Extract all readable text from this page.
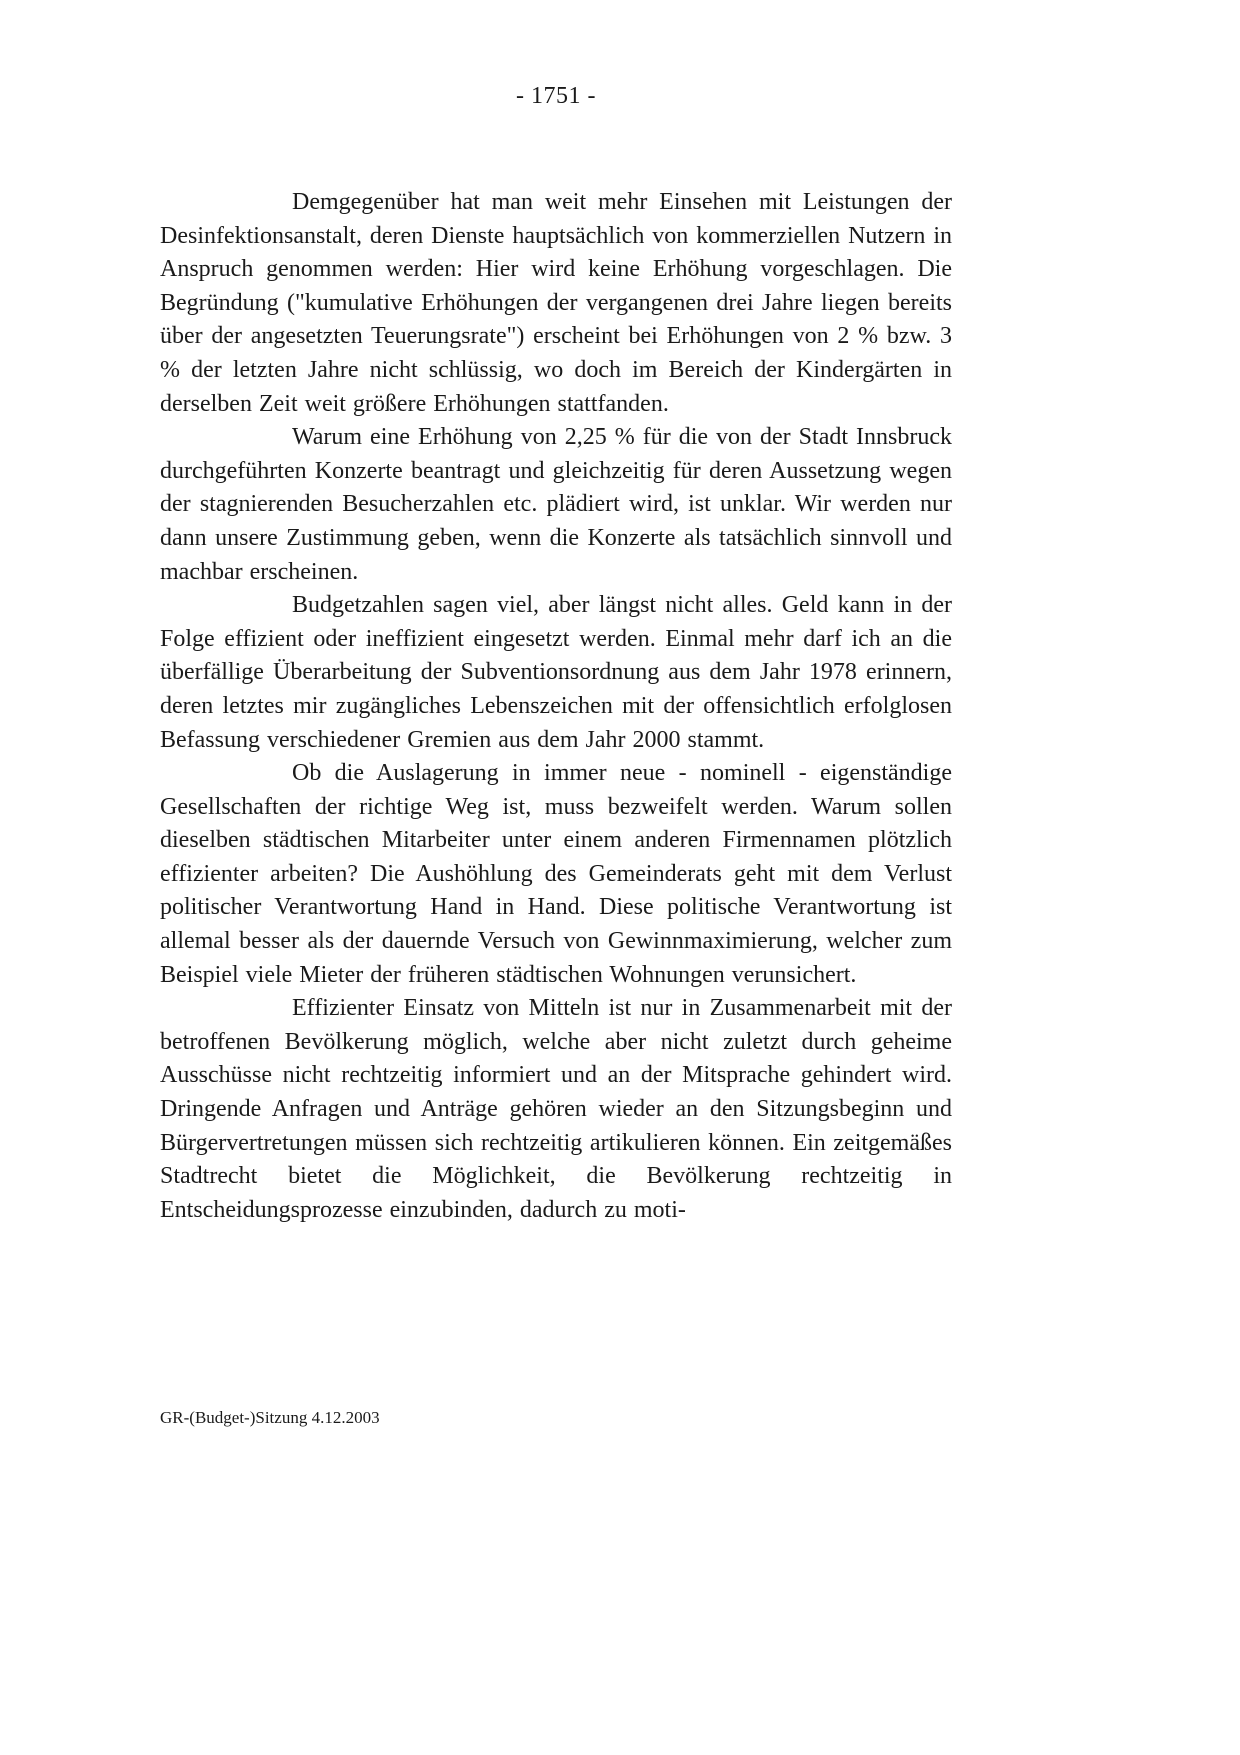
- 1751 -

Demgegenüber hat man weit mehr Einsehen mit Leistungen der Desinfektionsanstalt, deren Dienste hauptsächlich von kommerziellen Nutzern in Anspruch genommen werden: Hier wird keine Erhöhung vorgeschlagen. Die Begründung ("kumulative Erhöhungen der vergangenen drei Jahre liegen bereits über der angesetzten Teuerungsrate") erscheint bei Erhöhungen von 2 % bzw. 3 % der letzten Jahre nicht schlüssig, wo doch im Bereich der Kindergärten in derselben Zeit weit größere Erhöhungen stattfanden.

Warum eine Erhöhung von 2,25 % für die von der Stadt Innsbruck durchgeführten Konzerte beantragt und gleichzeitig für deren Aussetzung wegen der stagnierenden Besucherzahlen etc. plädiert wird, ist unklar. Wir werden nur dann unsere Zustimmung geben, wenn die Konzerte als tatsächlich sinnvoll und machbar erscheinen.

Budgetzahlen sagen viel, aber längst nicht alles. Geld kann in der Folge effizient oder ineffizient eingesetzt werden. Einmal mehr darf ich an die überfällige Überarbeitung der Subventionsordnung aus dem Jahr 1978 erinnern, deren letztes mir zugängliches Lebenszeichen mit der offensichtlich erfolglosen Befassung verschiedener Gremien aus dem Jahr 2000 stammt.

Ob die Auslagerung in immer neue - nominell - eigenständige Gesellschaften der richtige Weg ist, muss bezweifelt werden. Warum sollen dieselben städtischen Mitarbeiter unter einem anderen Firmennamen plötzlich effizienter arbeiten? Die Aushöhlung des Gemeinderats geht mit dem Verlust politischer Verantwortung Hand in Hand. Diese politische Verantwortung ist allemal besser als der dauernde Versuch von Gewinnmaximierung, welcher zum Beispiel viele Mieter der früheren städtischen Wohnungen verunsichert.

Effizienter Einsatz von Mitteln ist nur in Zusammenarbeit mit der betroffenen Bevölkerung möglich, welche aber nicht zuletzt durch geheime Ausschüsse nicht rechtzeitig informiert und an der Mitsprache gehindert wird. Dringende Anfragen und Anträge gehören wieder an den Sitzungsbeginn und Bürgervertretungen müssen sich rechtzeitig artikulieren können. Ein zeitgemäßes Stadtrecht bietet die Möglichkeit, die Bevölkerung rechtzeitig in Entscheidungsprozesse einzubinden, dadurch zu moti-

GR-(Budget-)Sitzung 4.12.2003
